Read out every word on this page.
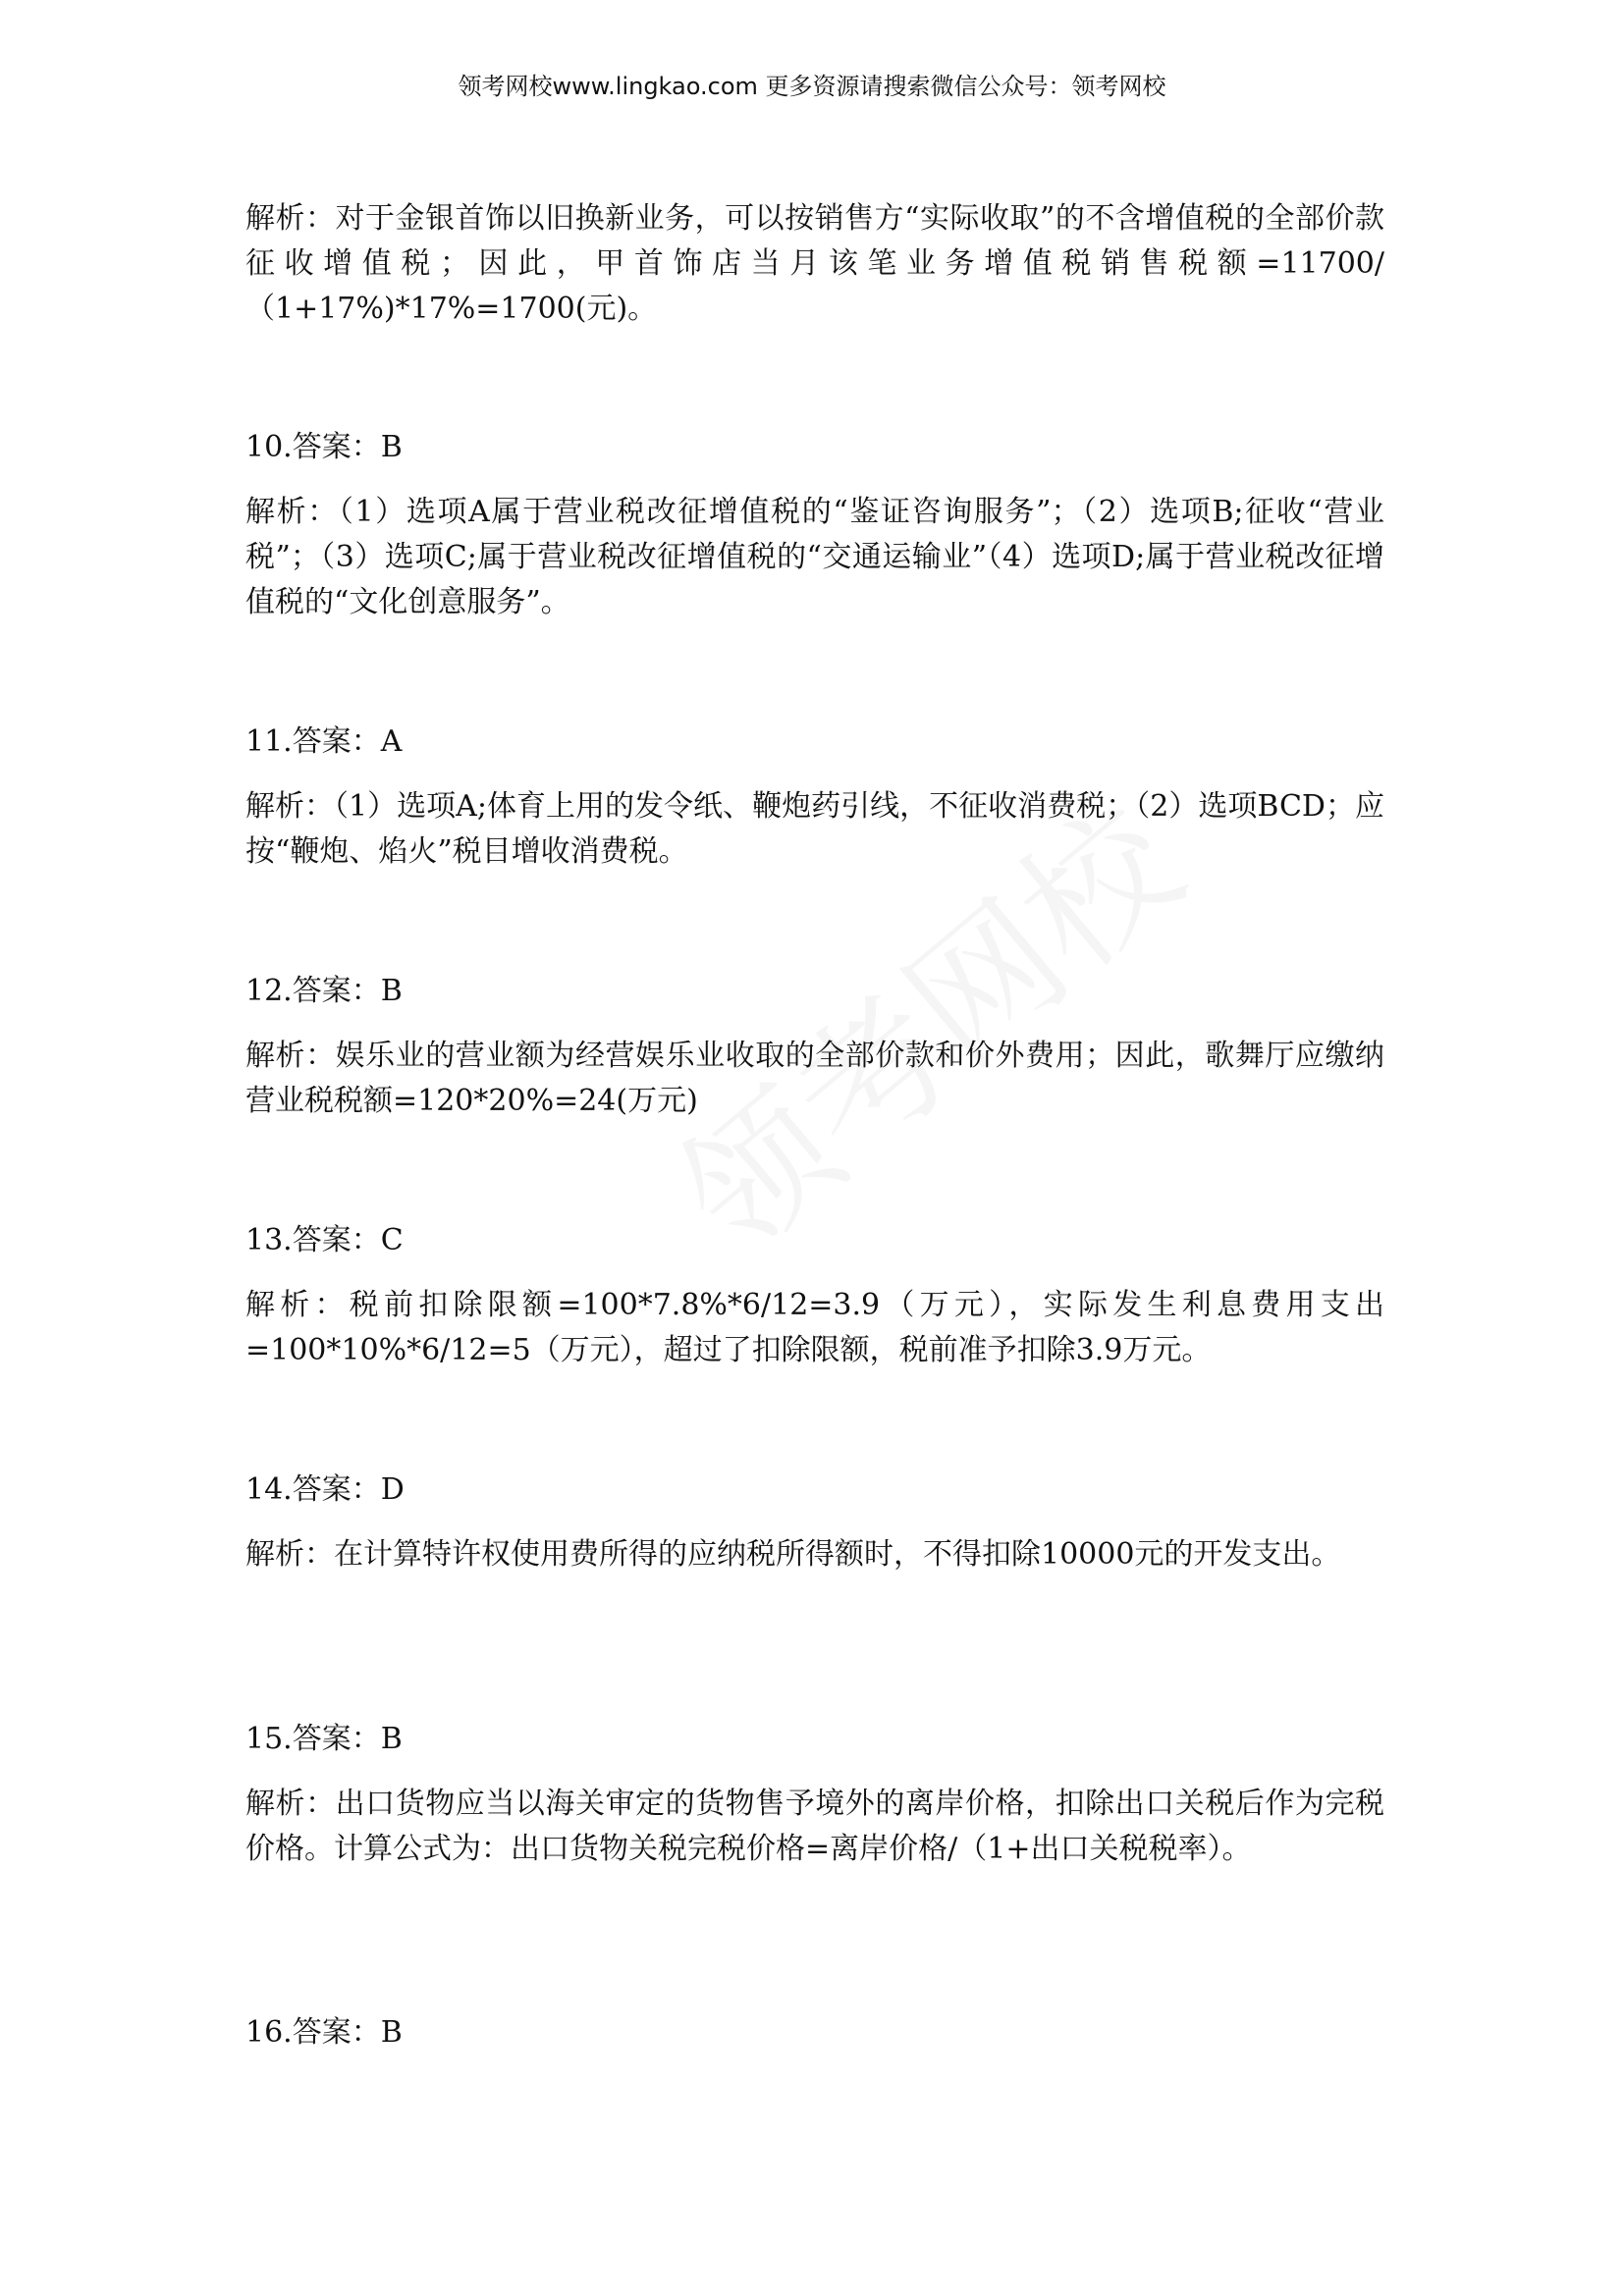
领考网校www.lingkao.com 更多资源请搜索微信公众号：领考网校

解析：对于金银首饰以旧换新业务，可以按销售方“实际收取”的不含增值税的全部价款征收增值税；因此，甲首饰店当月该笔业务增值税销售税额=11700/（1+17%)*17%=1700(元)。

10.答案：B

解析：（1）选项A属于营业税改征增值税的“鉴证咨询服务”；（2）选项B;征收“营业税”；（3）选项C;属于营业税改征增值税的“交通运输业”（4）选项D;属于营业税改征增值税的“文化创意服务”。

11.答案：A

解析：（1）选项A;体育上用的发令纸、鞭炮药引线，不征收消费税；（2）选项BCD；应按“鞭炮、焰火”税目增收消费税。

12.答案：B

解析：娱乐业的营业额为经营娱乐业收取的全部价款和价外费用；因此，歌舞厅应缴纳营业税税额=120*20%=24(万元)

13.答案：C

解析：税前扣除限额=100*7.8%*6/12=3.9（万元），实际发生利息费用支出=100*10%*6/12=5（万元），超过了扣除限额，税前准予扣除3.9万元。

14.答案：D

解析：在计算特许权使用费所得的应纳税所得额时，不得扣除10000元的开发支出。

15.答案：B

解析：出口货物应当以海关审定的货物售予境外的离岸价格，扣除出口关税后作为完税价格。计算公式为：出口货物关税完税价格=离岸价格/（1+出口关税税率）。

16.答案：B
